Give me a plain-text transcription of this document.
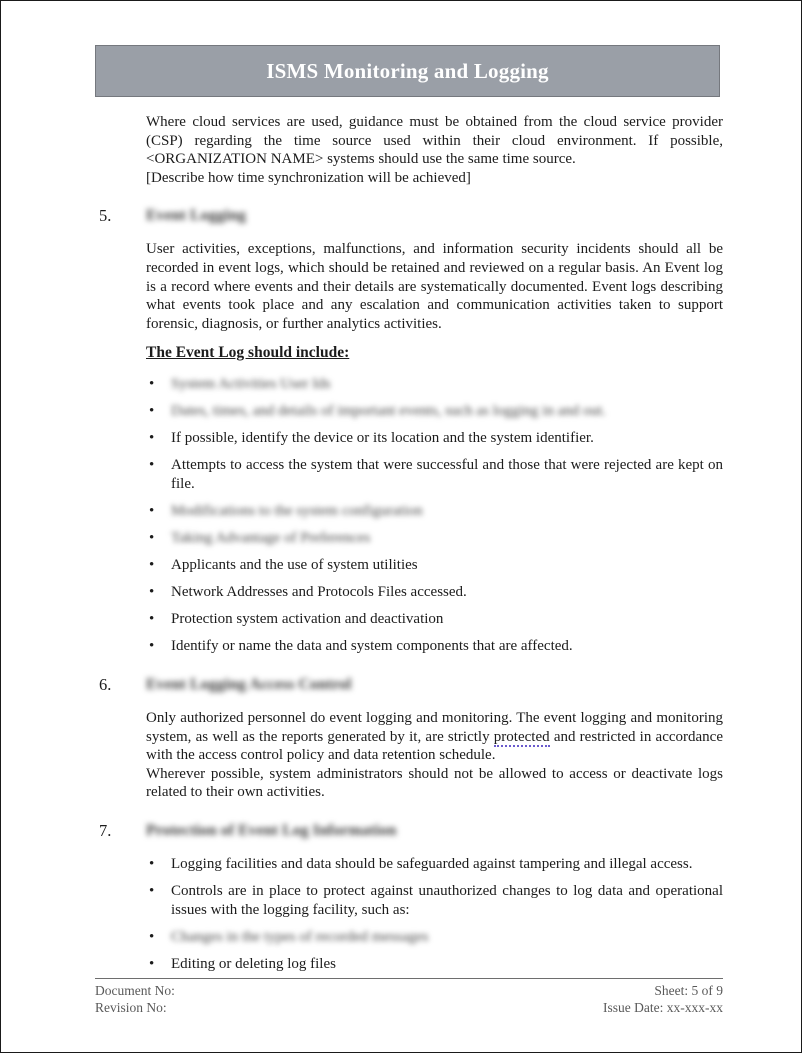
ISMS Monitoring and Logging

Where cloud services are used, guidance must be obtained from the cloud service provider (CSP) regarding the time source used within their cloud environment. If possible, <ORGANIZATION NAME> systems should use the same time source.

[Describe how time synchronization will be achieved]

5. Event Logging

User activities, exceptions, malfunctions, and information security incidents should all be recorded in event logs, which should be retained and reviewed on a regular basis. An Event log is a record where events and their details are systematically documented. Event logs describing what events took place and any escalation and communication activities taken to support forensic, diagnosis, or further analytics activities.

The Event Log should include:

• System Activities User Ids
• Dates, times, and details of important events, such as logging in and out.
• If possible, identify the device or its location and the system identifier.
• Attempts to access the system that were successful and those that were rejected are kept on file.
• Modifications to the system configuration
• Taking Advantage of Preferences
• Applicants and the use of system utilities
• Network Addresses and Protocols Files accessed.
• Protection system activation and deactivation
• Identify or name the data and system components that are affected.
6. Event Logging Access Control

Only authorized personnel do event logging and monitoring. The event logging and monitoring system, as well as the reports generated by it, are strictly protected and restricted in accordance with the access control policy and data retention schedule.

Wherever possible, system administrators should not be allowed to access or deactivate logs related to their own activities.

7. Protection of Event Log Information
• Logging facilities and data should be safeguarded against tampering and illegal access.
• Controls are in place to protect against unauthorized changes to log data and operational issues with the logging facility, such as:
• Changes in the types of recorded messages
• Editing or deleting log files
Document No:
Revision No:
Sheet: 5 of 9
Issue Date: xx-xxx-xx
